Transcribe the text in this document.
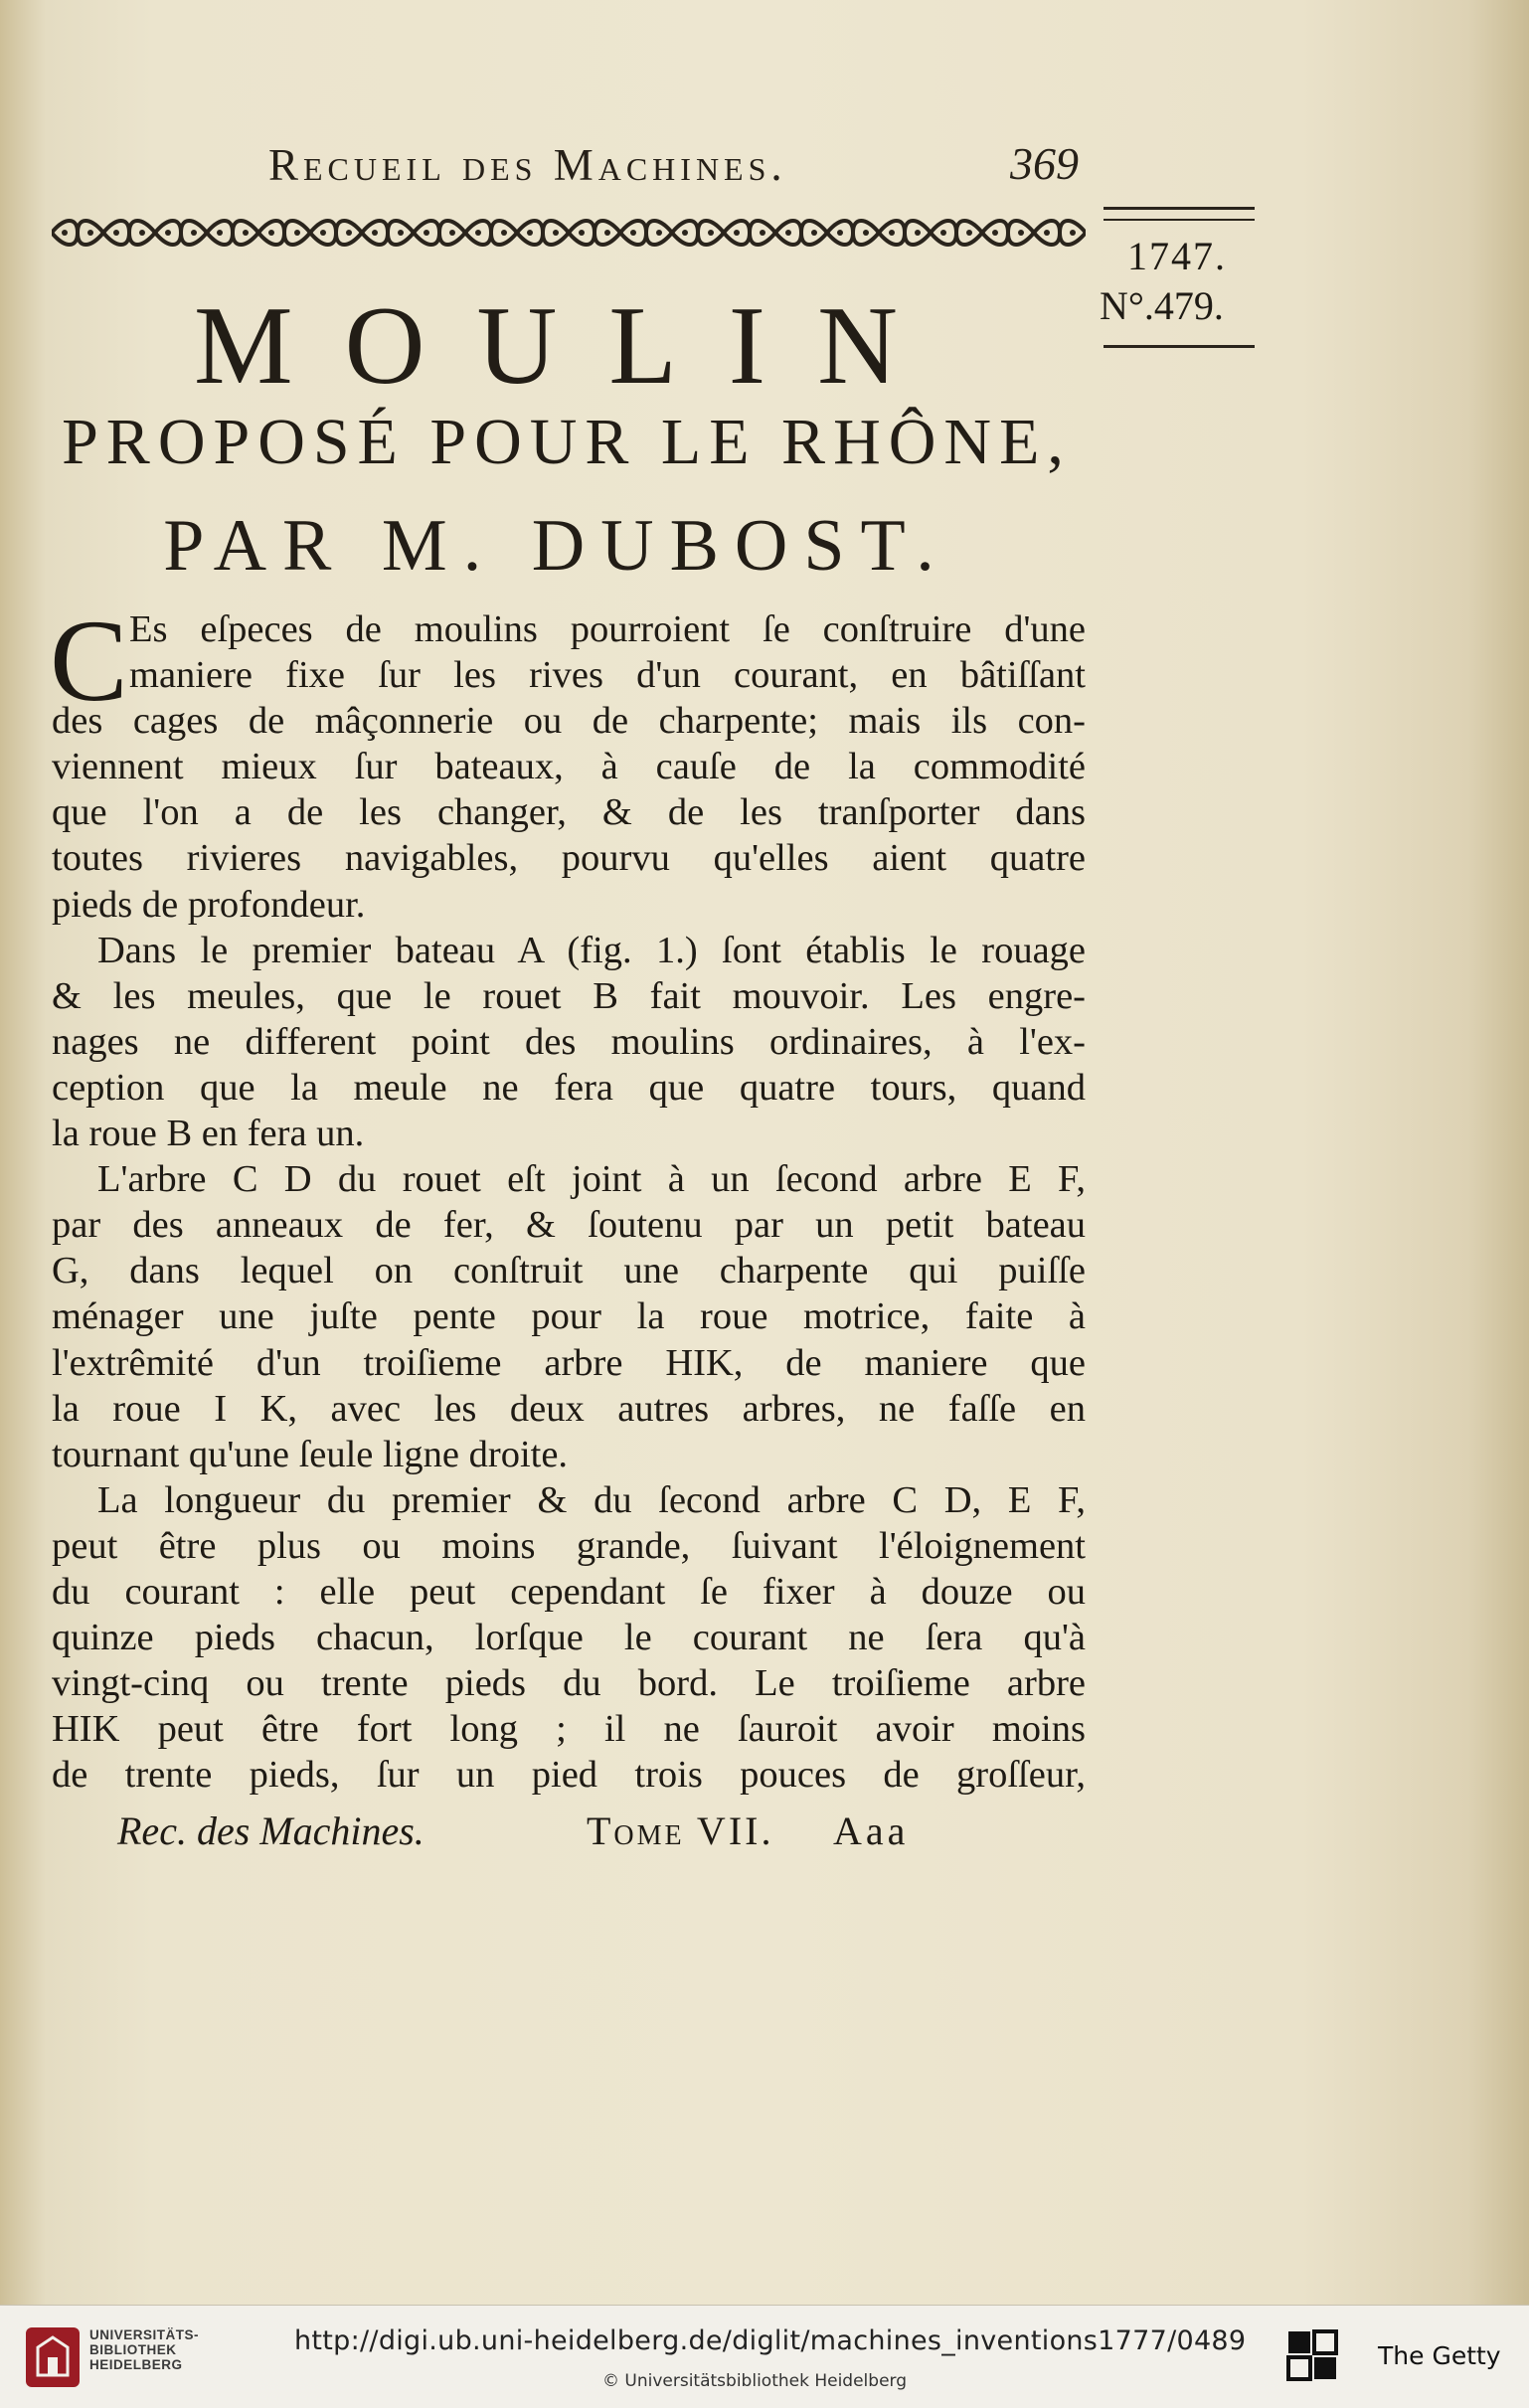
Recueil des Machines.	369
1747.
N°.479.
MOULIN
PROPOSÉ POUR LE RHÔNE,
PAR M. DUBOST.
C Es eſpeces de moulins pourroient ſe conſtruire d'une
maniere fixe ſur les rives d'un courant, en bâtiſſant
des cages de mâçonnerie ou de charpente; mais ils con-
viennent mieux ſur bateaux, à cauſe de la commodité
que l'on a de les changer, & de les tranſporter dans
toutes rivieres navigables, pourvu qu'elles aient quatre
pieds de profondeur.
Dans le premier bateau A (fig. 1.) ſont établis le rouage
& les meules, que le rouet B fait mouvoir. Les engre-
nages ne different point des moulins ordinaires, à l'ex-
ception que la meule ne fera que quatre tours, quand
la roue B en fera un.
L'arbre C D du rouet eſt joint à un ſecond arbre E F,
par des anneaux de fer, & ſoutenu par un petit bateau
G, dans lequel on conſtruit une charpente qui puiſſe
ménager une juſte pente pour la roue motrice, faite à
l'extrêmité d'un troiſieme arbre HIK, de maniere que
la roue I K, avec les deux autres arbres, ne faſſe en
tournant qu'une ſeule ligne droite.
La longueur du premier & du ſecond arbre C D, E F,
peut être plus ou moins grande, ſuivant l'éloignement
du courant : elle peut cependant ſe fixer à douze ou
quinze pieds chacun, lorſque le courant ne ſera qu'à
vingt-cinq ou trente pieds du bord. Le troiſieme arbre
HIK peut être fort long ; il ne ſauroit avoir moins
de trente pieds, ſur un pied trois pouces de groſſeur,
Rec. des Machines.	Tome VII. Aaa
UNIVERSITÄTS-
BIBLIOTHEK
HEIDELBERG
http://digi.ub.uni-heidelberg.de/diglit/machines_inventions1777/0489
© Universitätsbibliothek Heidelberg
The Getty
